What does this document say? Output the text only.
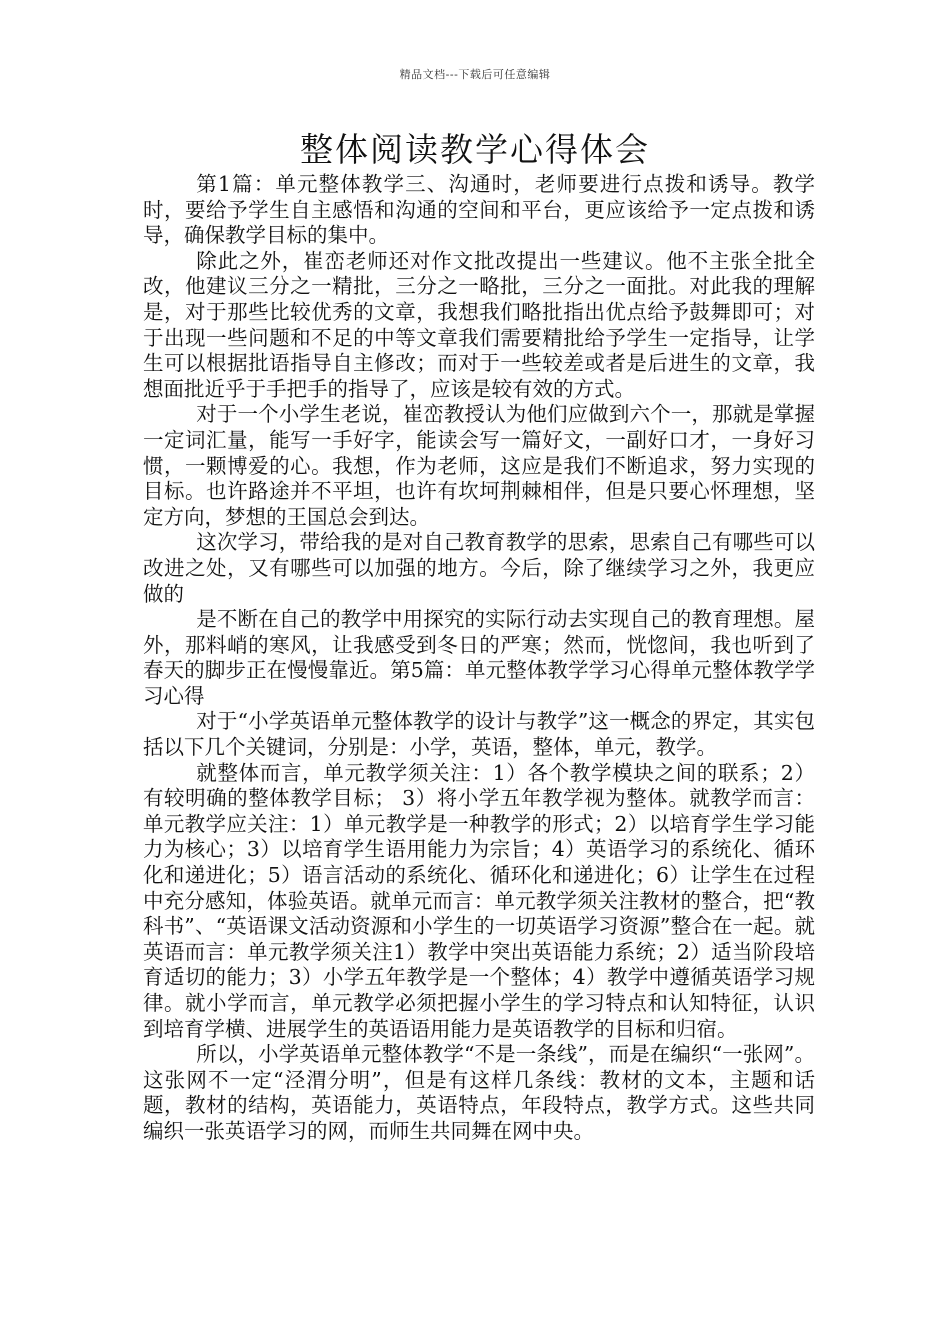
精品文档---下载后可任意编辑
整体阅读教学心得体会

第1篇：单元整体教学三、沟通时，老师要进行点拨和诱导。教学时，要给予学生自主感悟和沟通的空间和平台，更应该给予一定点拨和诱导，确保教学目标的集中。

除此之外，崔峦老师还对作文批改提出一些建议。他不主张全批全改，他建议三分之一精批，三分之一略批，三分之一面批。对此我的理解是，对于那些比较优秀的文章，我想我们略批指出优点给予鼓舞即可；对于出现一些问题和不足的中等文章我们需要精批给予学生一定指导，让学生可以根据批语指导自主修改；而对于一些较差或者是后进生的文章，我想面批近乎于手把手的指导了，应该是较有效的方式。

对于一个小学生老说，崔峦教授认为他们应做到六个一，那就是掌握一定词汇量，能写一手好字，能读会写一篇好文，一副好口才，一身好习惯，一颗博爱的心。我想，作为老师，这应是我们不断追求，努力实现的目标。也许路途并不平坦，也许有坎坷荆棘相伴，但是只要心怀理想，坚定方向，梦想的王国总会到达。

这次学习，带给我的是对自己教育教学的思索，思索自己有哪些可以改进之处，又有哪些可以加强的地方。今后，除了继续学习之外，我更应做的

是不断在自己的教学中用探究的实际行动去实现自己的教育理想。屋外，那料峭的寒风，让我感受到冬日的严寒；然而，恍惚间，我也听到了春天的脚步正在慢慢靠近。第5篇：单元整体教学学习心得单元整体教学学习心得

对于“小学英语单元整体教学的设计与教学”这一概念的界定，其实包括以下几个关键词，分别是：小学，英语，整体，单元，教学。

就整体而言，单元教学须关注：1）各个教学模块之间的联系；2）有较明确的整体教学目标； 3）将小学五年教学视为整体。就教学而言：单元教学应关注：1）单元教学是一种教学的形式；2）以培育学生学习能力为核心；3）以培育学生语用能力为宗旨；4）英语学习的系统化、循环化和递进化；5）语言活动的系统化、循环化和递进化；6）让学生在过程中充分感知，体验英语。就单元而言：单元教学须关注教材的整合，把“教科书”、“英语课文活动资源和小学生的一切英语学习资源”整合在一起。就英语而言：单元教学须关注1）教学中突出英语能力系统；2）适当阶段培育适切的能力；3）小学五年教学是一个整体；4）教学中遵循英语学习规律。就小学而言，单元教学必须把握小学生的学习特点和认知特征，认识到培育学横、进展学生的英语语用能力是英语教学的目标和归宿。

所以，小学英语单元整体教学“不是一条线”，而是在编织“一张网”。这张网不一定“泾渭分明”，但是有这样几条线：教材的文本，主题和话题，教材的结构，英语能力，英语特点，年段特点，教学方式。这些共同编织一张英语学习的网，而师生共同舞在网中央。
